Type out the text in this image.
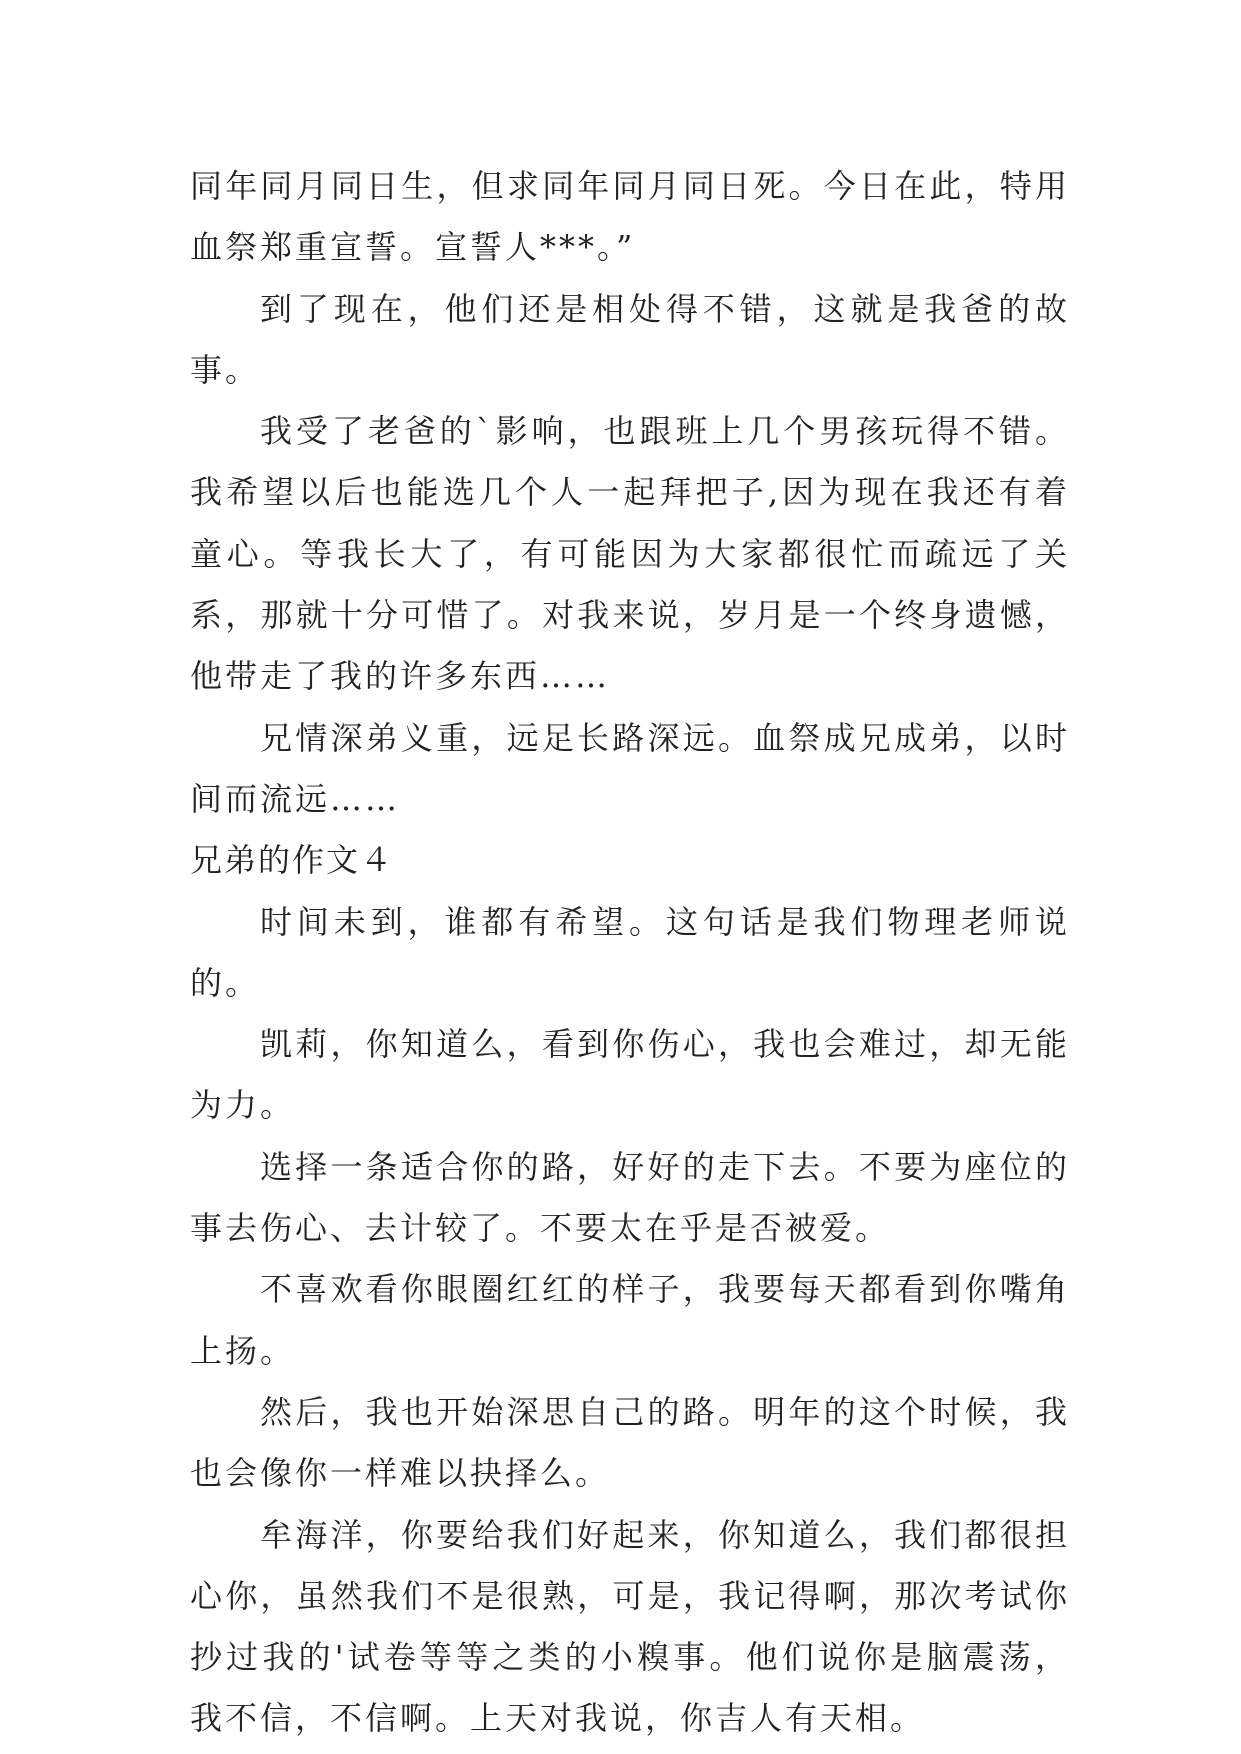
同年同月同日生，但求同年同月同日死。今日在此，特用血祭郑重宣誓。宣誓人***。”

到了现在，他们还是相处得不错，这就是我爸的故事。

我受了老爸的`影响，也跟班上几个男孩玩得不错。我希望以后也能选几个人一起拜把子,因为现在我还有着童心。等我长大了，有可能因为大家都很忙而疏远了关系，那就十分可惜了。对我来说，岁月是一个终身遗憾，他带走了我的许多东西……

兄情深弟义重，远足长路深远。血祭成兄成弟，以时间而流远……

兄弟的作文４

时间未到，谁都有希望。这句话是我们物理老师说的。

凯莉，你知道么，看到你伤心，我也会难过，却无能为力。

选择一条适合你的路，好好的走下去。不要为座位的事去伤心、去计较了。不要太在乎是否被爱。

不喜欢看你眼圈红红的样子，我要每天都看到你嘴角上扬。

然后，我也开始深思自己的路。明年的这个时候，我也会像你一样难以抉择么。

牟海洋，你要给我们好起来，你知道么，我们都很担心你，虽然我们不是很熟，可是，我记得啊，那次考试你抄过我的'试卷等等之类的小糗事。他们说你是脑震荡，我不信，不信啊。上天对我说，你吉人有天相。
